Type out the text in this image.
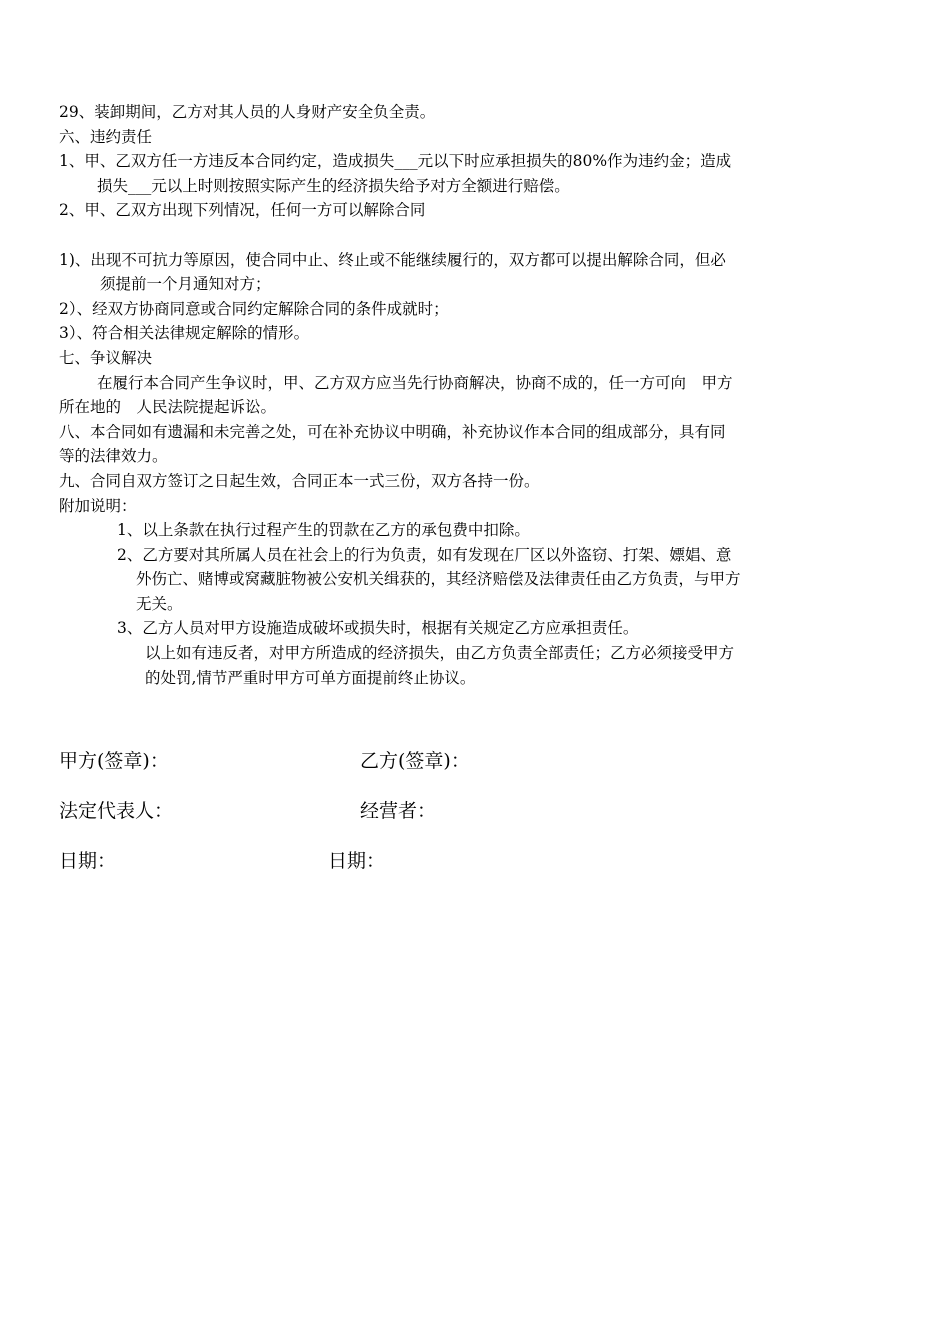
29、装卸期间，乙方对其人员的人身财产安全负全责。
六、违约责任
1、甲、乙双方任一方违反本合同约定，造成损失___元以下时应承担损失的80%作为违约金；造成
损失___元以上时则按照实际产生的经济损失给予对方全额进行赔偿。
2、甲、乙双方出现下列情况，任何一方可以解除合同
1)、出现不可抗力等原因，使合同中止、终止或不能继续履行的，双方都可以提出解除合同，但必
须提前一个月通知对方；
2）、经双方协商同意或合同约定解除合同的条件成就时；
3）、符合相关法律规定解除的情形。
七、争议解决
在履行本合同产生争议时，甲、乙方双方应当先行协商解决，协商不成的，任一方可向　甲方
所在地的　人民法院提起诉讼。
八、本合同如有遗漏和未完善之处，可在补充协议中明确，补充协议作本合同的组成部分，具有同
等的法律效力。
九、合同自双方签订之日起生效，合同正本一式三份，双方各持一份。
附加说明：
1、以上条款在执行过程产生的罚款在乙方的承包费中扣除。
2、乙方要对其所属人员在社会上的行为负责，如有发现在厂区以外盗窃、打架、嫖娼、意
外伤亡、赌博或窝藏脏物被公安机关缉获的，其经济赔偿及法律责任由乙方负责，与甲方
无关。
3、乙方人员对甲方设施造成破坏或损失时，根据有关规定乙方应承担责任。
以上如有违反者，对甲方所造成的经济损失，由乙方负责全部责任；乙方必须接受甲方
的处罚,情节严重时甲方可单方面提前终止协议。
甲方(签章)：	乙方(签章)：
法定代表人：	经营者：
日期：	日期：
